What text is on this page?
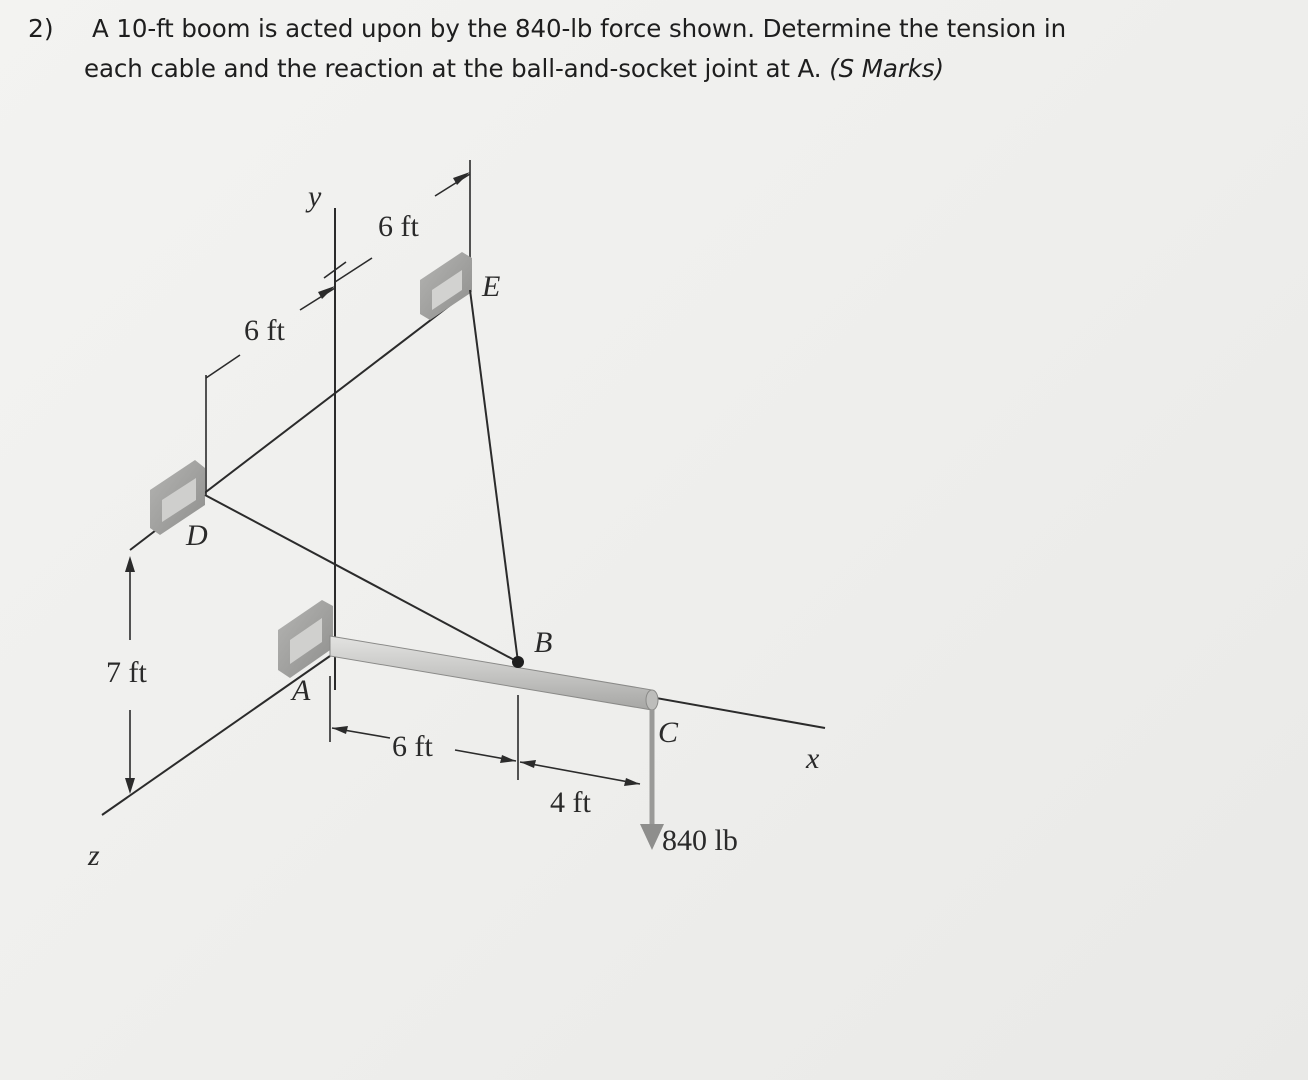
2) A 10-ft boom is acted upon by the 840-lb force shown. Determine the tension in
each cable and the reaction at the ball-and-socket joint at A. (S Marks)
y
x
z
A
B
C
D
E
6 ft
6 ft
7 ft
6 ft
4 ft
840 lb
